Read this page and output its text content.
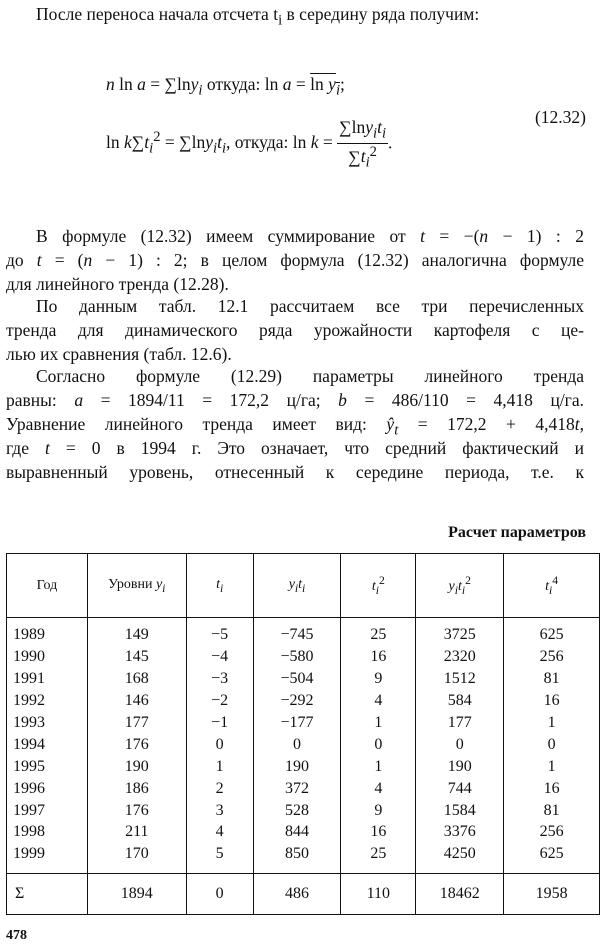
После переноса начала отсчета $t_i$ в середину ряда получим:
n ln a = ∑lny$_i$ откуда: $\ln a = \ln y_i$;
$\ln k\sum t_i^2 = \sum\ln y_it_i$, откуда: $\ln k = \frac{\sum\ln y_it_i}{\sum t_i^2}$ .
(12.32)
В формуле (12.32) имеем суммирование от t = −(n − 1) : 2
до t = (n − 1) : 2; в целом формула (12.32) аналогична формуле
для линейного тренда (12.28).
По данным табл. 12.1 рассчитаем все три перечисленных
тренда для динамического ряда урожайности картофеля с це-
лью их сравнения (табл. 12.6).
Согласно формуле (12.29) параметры линейного тренда
равны: a = 1894/11 = 172,2 ц/га; b = 486/110 = 4,418 ц/га.
Уравнение линейного тренда имеет вид: $ŷ_t = 172,2 + 4,418t$,
где t = 0 в 1994 г. Это означает, что средний фактический и
выравненный уровень, отнесенный к середине периода, т.е. к
Расчет параметров
Год	Уровни $y_i$	$t_i$	$y_it_i$	$t_i^2$	$y_it_i^2$	$t_i^4$
1989	149	−5	−745	25	3725	625
1990	145	−4	−580	16	2320	256
1991	168	−3	−504	9	1512	81
1992	146	−2	−292	4	584	16
1993	177	−1	−177	1	177	1
1994	176	0	0	0	0	0
1995	190	1	190	1	190	1
1996	186	2	372	4	744	16
1997	176	3	528	9	1584	81
1998	211	4	844	16	3376	256
1999	170	5	850	25	4250	625
Σ	1894	0	486	110	18462	1958
478
